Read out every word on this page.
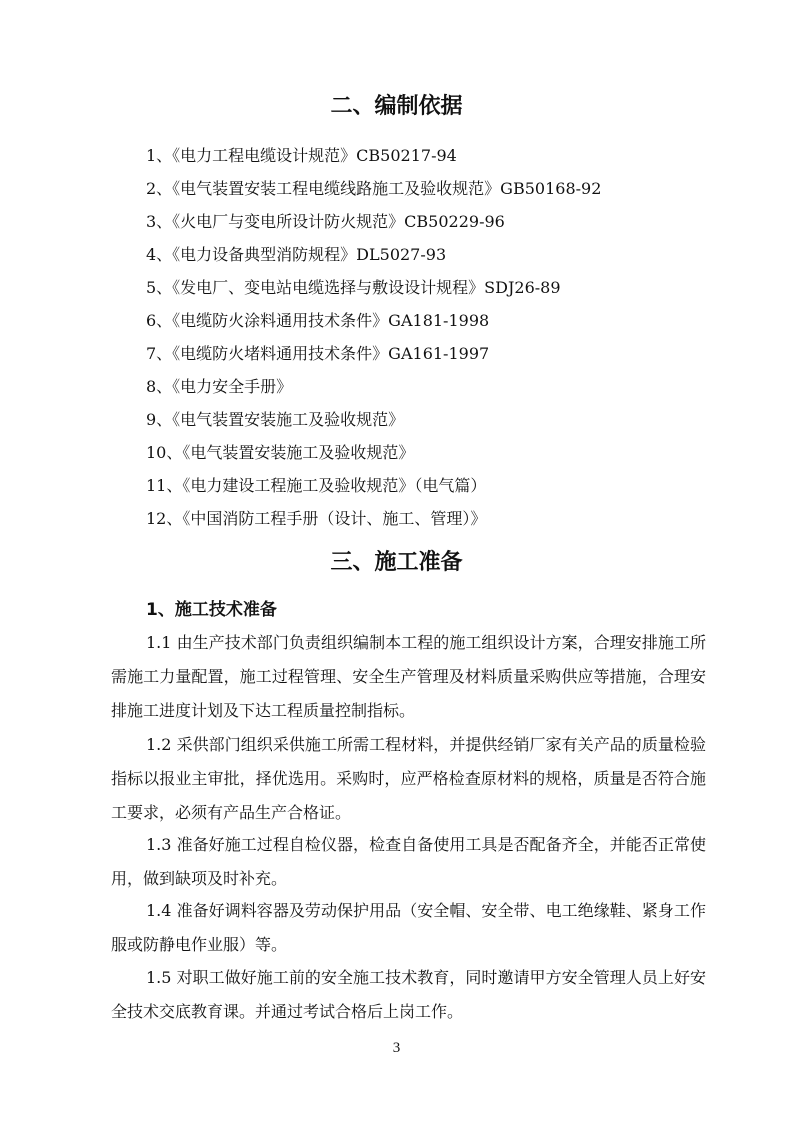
二、编制依据
1、《电力工程电缆设计规范》CB50217-94
2、《电气装置安装工程电缆线路施工及验收规范》GB50168-92
3、《火电厂与变电所设计防火规范》CB50229-96
4、《电力设备典型消防规程》DL5027-93
5、《发电厂、变电站电缆选择与敷设设计规程》SDJ26-89
6、《电缆防火涂料通用技术条件》GA181-1998
7、《电缆防火堵料通用技术条件》GA161-1997
8、《电力安全手册》
9、《电气装置安装施工及验收规范》
10、《电气装置安装施工及验收规范》
11、《电力建设工程施工及验收规范》（电气篇）
12、《中国消防工程手册（设计、施工、管理）》
三、施工准备
1、施工技术准备

1.1 由生产技术部门负责组织编制本工程的施工组织设计方案，合理安排施工所需施工力量配置，施工过程管理、安全生产管理及材料质量采购供应等措施，合理安排施工进度计划及下达工程质量控制指标。

1.2 采供部门组织采供施工所需工程材料，并提供经销厂家有关产品的质量检验指标以报业主审批，择优选用。采购时，应严格检查原材料的规格，质量是否符合施工要求，必须有产品生产合格证。

1.3 准备好施工过程自检仪器，检查自备使用工具是否配备齐全，并能否正常使用，做到缺项及时补充。

1.4 准备好调料容器及劳动保护用品（安全帽、安全带、电工绝缘鞋、紧身工作服或防静电作业服）等。

1.5 对职工做好施工前的安全施工技术教育，同时邀请甲方安全管理人员上好安全技术交底教育课。并通过考试合格后上岗工作。

3
